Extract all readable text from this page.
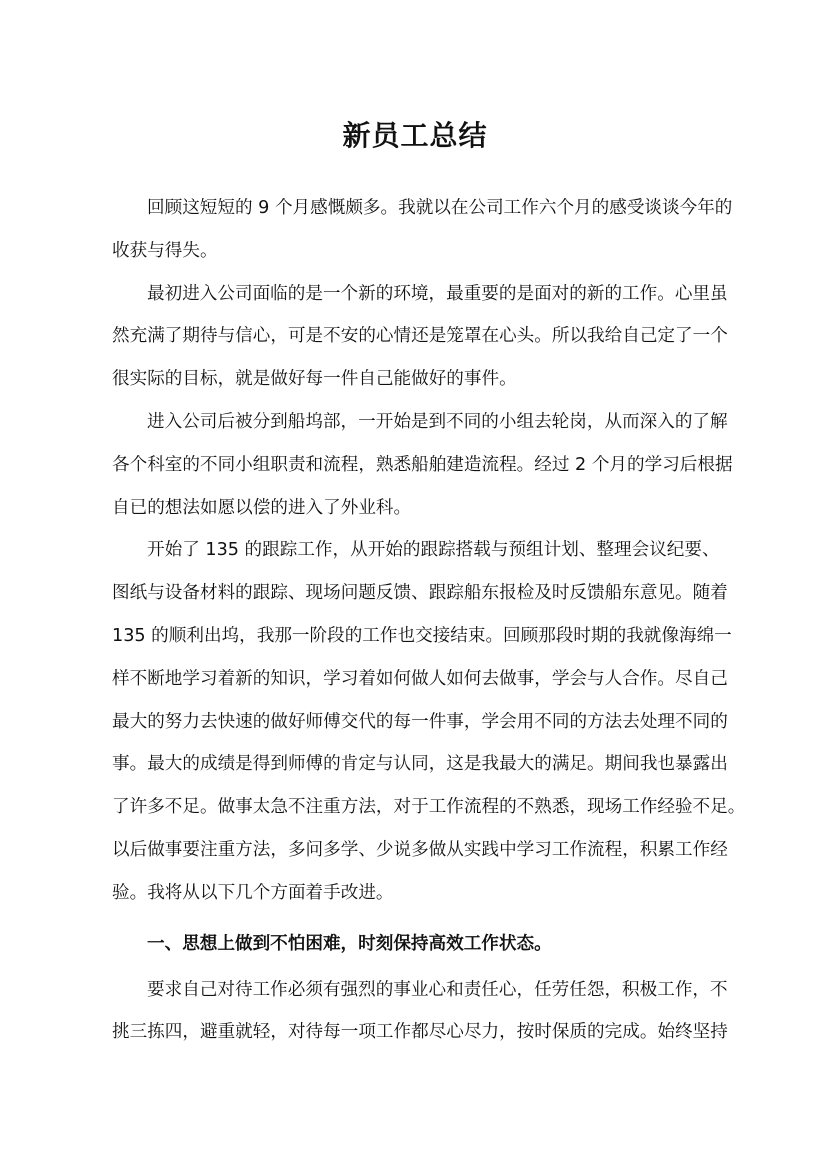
新员工总结
回顾这短短的 9 个月感慨颇多。我就以在公司工作六个月的感受谈谈今年的
收获与得失。
最初进入公司面临的是一个新的环境，最重要的是面对的新的工作。心里虽
然充满了期待与信心，可是不安的心情还是笼罩在心头。所以我给自己定了一个
很实际的目标，就是做好每一件自己能做好的事件。
进入公司后被分到船坞部，一开始是到不同的小组去轮岗，从而深入的了解
各个科室的不同小组职责和流程，熟悉船舶建造流程。经过 2 个月的学习后根据
自已的想法如愿以偿的进入了外业科。
开始了 135 的跟踪工作，从开始的跟踪搭载与预组计划、整理会议纪要、
图纸与设备材料的跟踪、现场问题反馈、跟踪船东报检及时反馈船东意见。随着
135 的顺利出坞，我那一阶段的工作也交接结束。回顾那段时期的我就像海绵一
样不断地学习着新的知识，学习着如何做人如何去做事，学会与人合作。尽自己
最大的努力去快速的做好师傅交代的每一件事，学会用不同的方法去处理不同的
事。最大的成绩是得到师傅的肯定与认同，这是我最大的满足。期间我也暴露出
了许多不足。做事太急不注重方法，对于工作流程的不熟悉，现场工作经验不足。
以后做事要注重方法，多问多学、少说多做从实践中学习工作流程，积累工作经
验。我将从以下几个方面着手改进。
一、思想上做到不怕困难，时刻保持高效工作状态。
要求自己对待工作必须有强烈的事业心和责任心，任劳任怨，积极工作，不
挑三拣四，避重就轻，对待每一项工作都尽心尽力，按时保质的完成。始终坚持
